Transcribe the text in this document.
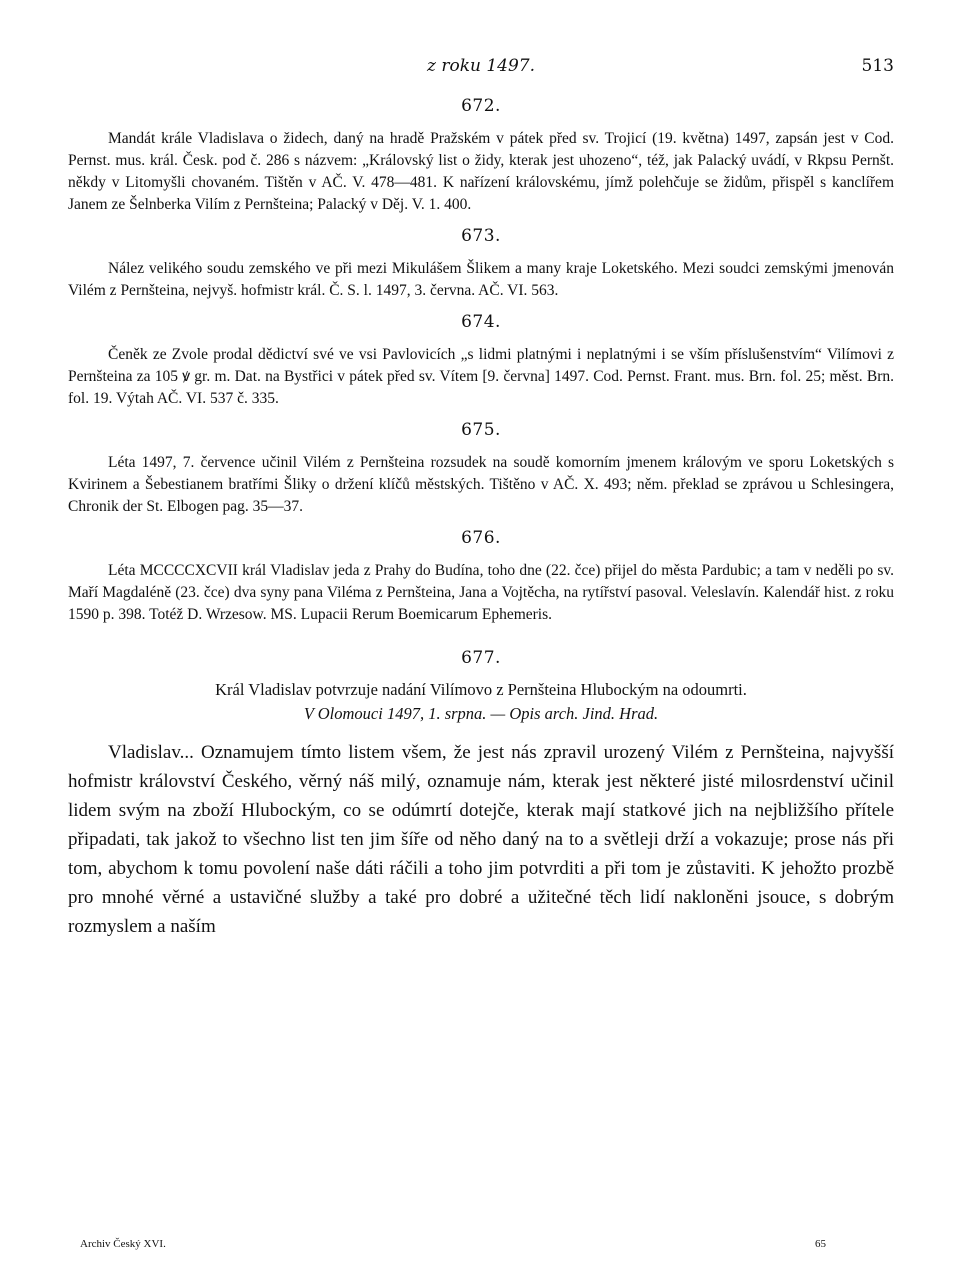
z roku 1497.	513
672.

Mandát krále Vladislava o židech, daný na hradě Pražském v pátek před sv. Trojicí (19. května) 1497, zapsán jest v Cod. Pernst. mus. král. Česk. pod č. 286 s názvem: „Královský list o židy, kterak jest uhozeno“, též, jak Palacký uvádí, v Rkpsu Pernšt. někdy v Litomyšli chovaném. Tištěn v AČ. V. 478—481. K nařízení královskému, jímž polehčuje se židům, přispěl s kanclířem Janem ze Šelnberka Vilím z Pernšteina; Palacký v Děj. V. 1. 400.

673.

Nález velikého soudu zemského ve při mezi Mikulášem Šlikem a many kraje Loketského. Mezi soudci zemskými jmenován Vilém z Pernšteina, nejvyš. hofmistr král. Č. S. l. 1497, 3. června. AČ. VI. 563.

674.

Čeněk ze Zvole prodal dědictví své ve vsi Pavlovicích „s lidmi platnými i neplatnými i se vším příslušenstvím“ Vilímovi z Pernšteina za 105 ꝟ gr. m. Dat. na Bystřici v pátek před sv. Vítem [9. června] 1497. Cod. Pernst. Frant. mus. Brn. fol. 25; měst. Brn. fol. 19. Výtah AČ. VI. 537 č. 335.

675.

Léta 1497, 7. července učinil Vilém z Pernšteina rozsudek na soudě komorním jmenem královým ve sporu Loketských s Kvirinem a Šebestianem bratřími Šliky o držení klíčů městských. Tištěno v AČ. X. 493; něm. překlad se zprávou u Schlesingera, Chronik der St. Elbogen pag. 35—37.

676.

Léta MCCCCXCVII král Vladislav jeda z Prahy do Budína, toho dne (22. čce) přijel do města Pardubic; a tam v neděli po sv. Maří Magdaléně (23. čce) dva syny pana Viléma z Pernšteina, Jana a Vojtěcha, na rytířství pasoval. Veleslavín. Kalendář hist. z roku 1590 p. 398. Totéž D. Wrzesow. MS. Lupacii Rerum Boemicarum Ephemeris.

677.
Král Vladislav potvrzuje nadání Vilímovo z Pernšteina Hlubockým na odoumrti.
V Olomouci 1497, 1. srpna. — Opis arch. Jind. Hrad.

Vladislav... Oznamujem tímto listem všem, že jest nás zpravil urozený Vilém z Pernšteina, najvyšší hofmistr království Českého, věrný náš milý, oznamuje nám, kterak jest některé jisté milosrdenství učinil lidem svým na zboží Hlubockým, co se odúmrtí dotejče, kterak mají statkové jich na nejbližšího přítele připadati, tak jakož to všechno list ten jim šíře od něho daný na to a světleji drží a vokazuje; prose nás při tom, abychom k tomu povolení naše dáti ráčili a toho jim potvrditi a při tom je zůstaviti. K jehožto prozbě pro mnohé věrné a ustavičné služby a také pro dobré a užitečné těch lidí nakloněni jsouce, s dobrým rozmyslem a naším

Archiv Český XVI.	65
